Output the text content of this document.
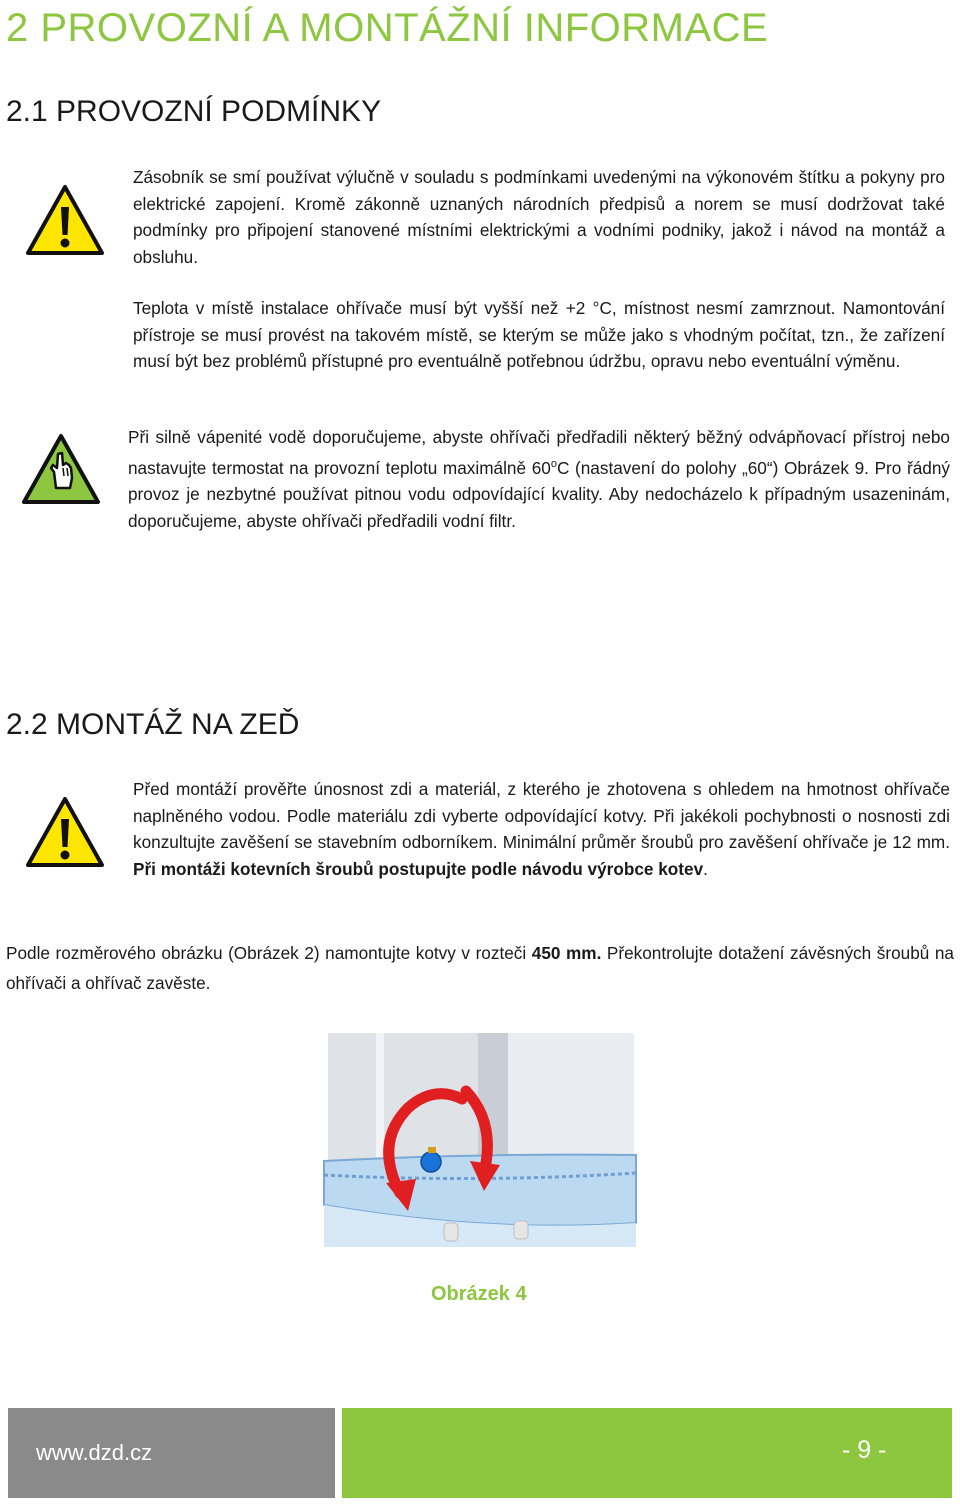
2 PROVOZNÍ A MONTÁŽNÍ INFORMACE
2.1 PROVOZNÍ PODMÍNKY
Zásobník se smí používat výlučně v souladu s podmínkami uvedenými na výkonovém štítku a pokyny pro elektrické zapojení. Kromě zákonně uznaných národních předpisů a norem se musí dodržovat také podmínky pro připojení stanovené místními elektrickými a vodními podniky, jakož i návod na montáž a obsluhu.
Teplota v místě instalace ohřívače musí být vyšší než +2 °C, místnost nesmí zamrznout. Namontování přístroje se musí provést na takovém místě, se kterým se může jako s vhodným počítat, tzn., že zařízení musí být bez problémů přístupné pro eventuálně potřebnou údržbu, opravu nebo eventuální výměnu.
Při silně vápenité vodě doporučujeme, abyste ohřívači předřadili některý běžný odvápňovací přístroj nebo nastavujte termostat na provozní teplotu maximálně 60$^o$C (nastavení do polohy „60“) Obrázek 9. Pro řádný provoz je nezbytné používat pitnou vodu odpovídající kvality. Aby nedocházelo k případným usazeninám, doporučujeme, abyste ohřívači předřadili vodní filtr.
2.2 MONTÁŽ NA ZEĎ
Před montáží prověřte únosnost zdi a materiál, z kterého je zhotovena s ohledem na hmotnost ohřívače naplněného vodou. Podle materiálu zdi vyberte odpovídající kotvy. Při jakékoli pochybnosti o nosnosti zdi konzultujte zavěšení se stavebním odborníkem. Minimální průměr šroubů pro zavěšení ohřívače je 12 mm. Při montáži kotevních šroubů postupujte podle návodu výrobce kotev.
Podle rozměrového obrázku (Obrázek 2) namontujte kotvy v rozteči 450 mm. Překontrolujte dotažení závěsných šroubů na ohřívači a ohřívač zavěste.
Obrázek 4
www.dzd.cz	- 9 -
